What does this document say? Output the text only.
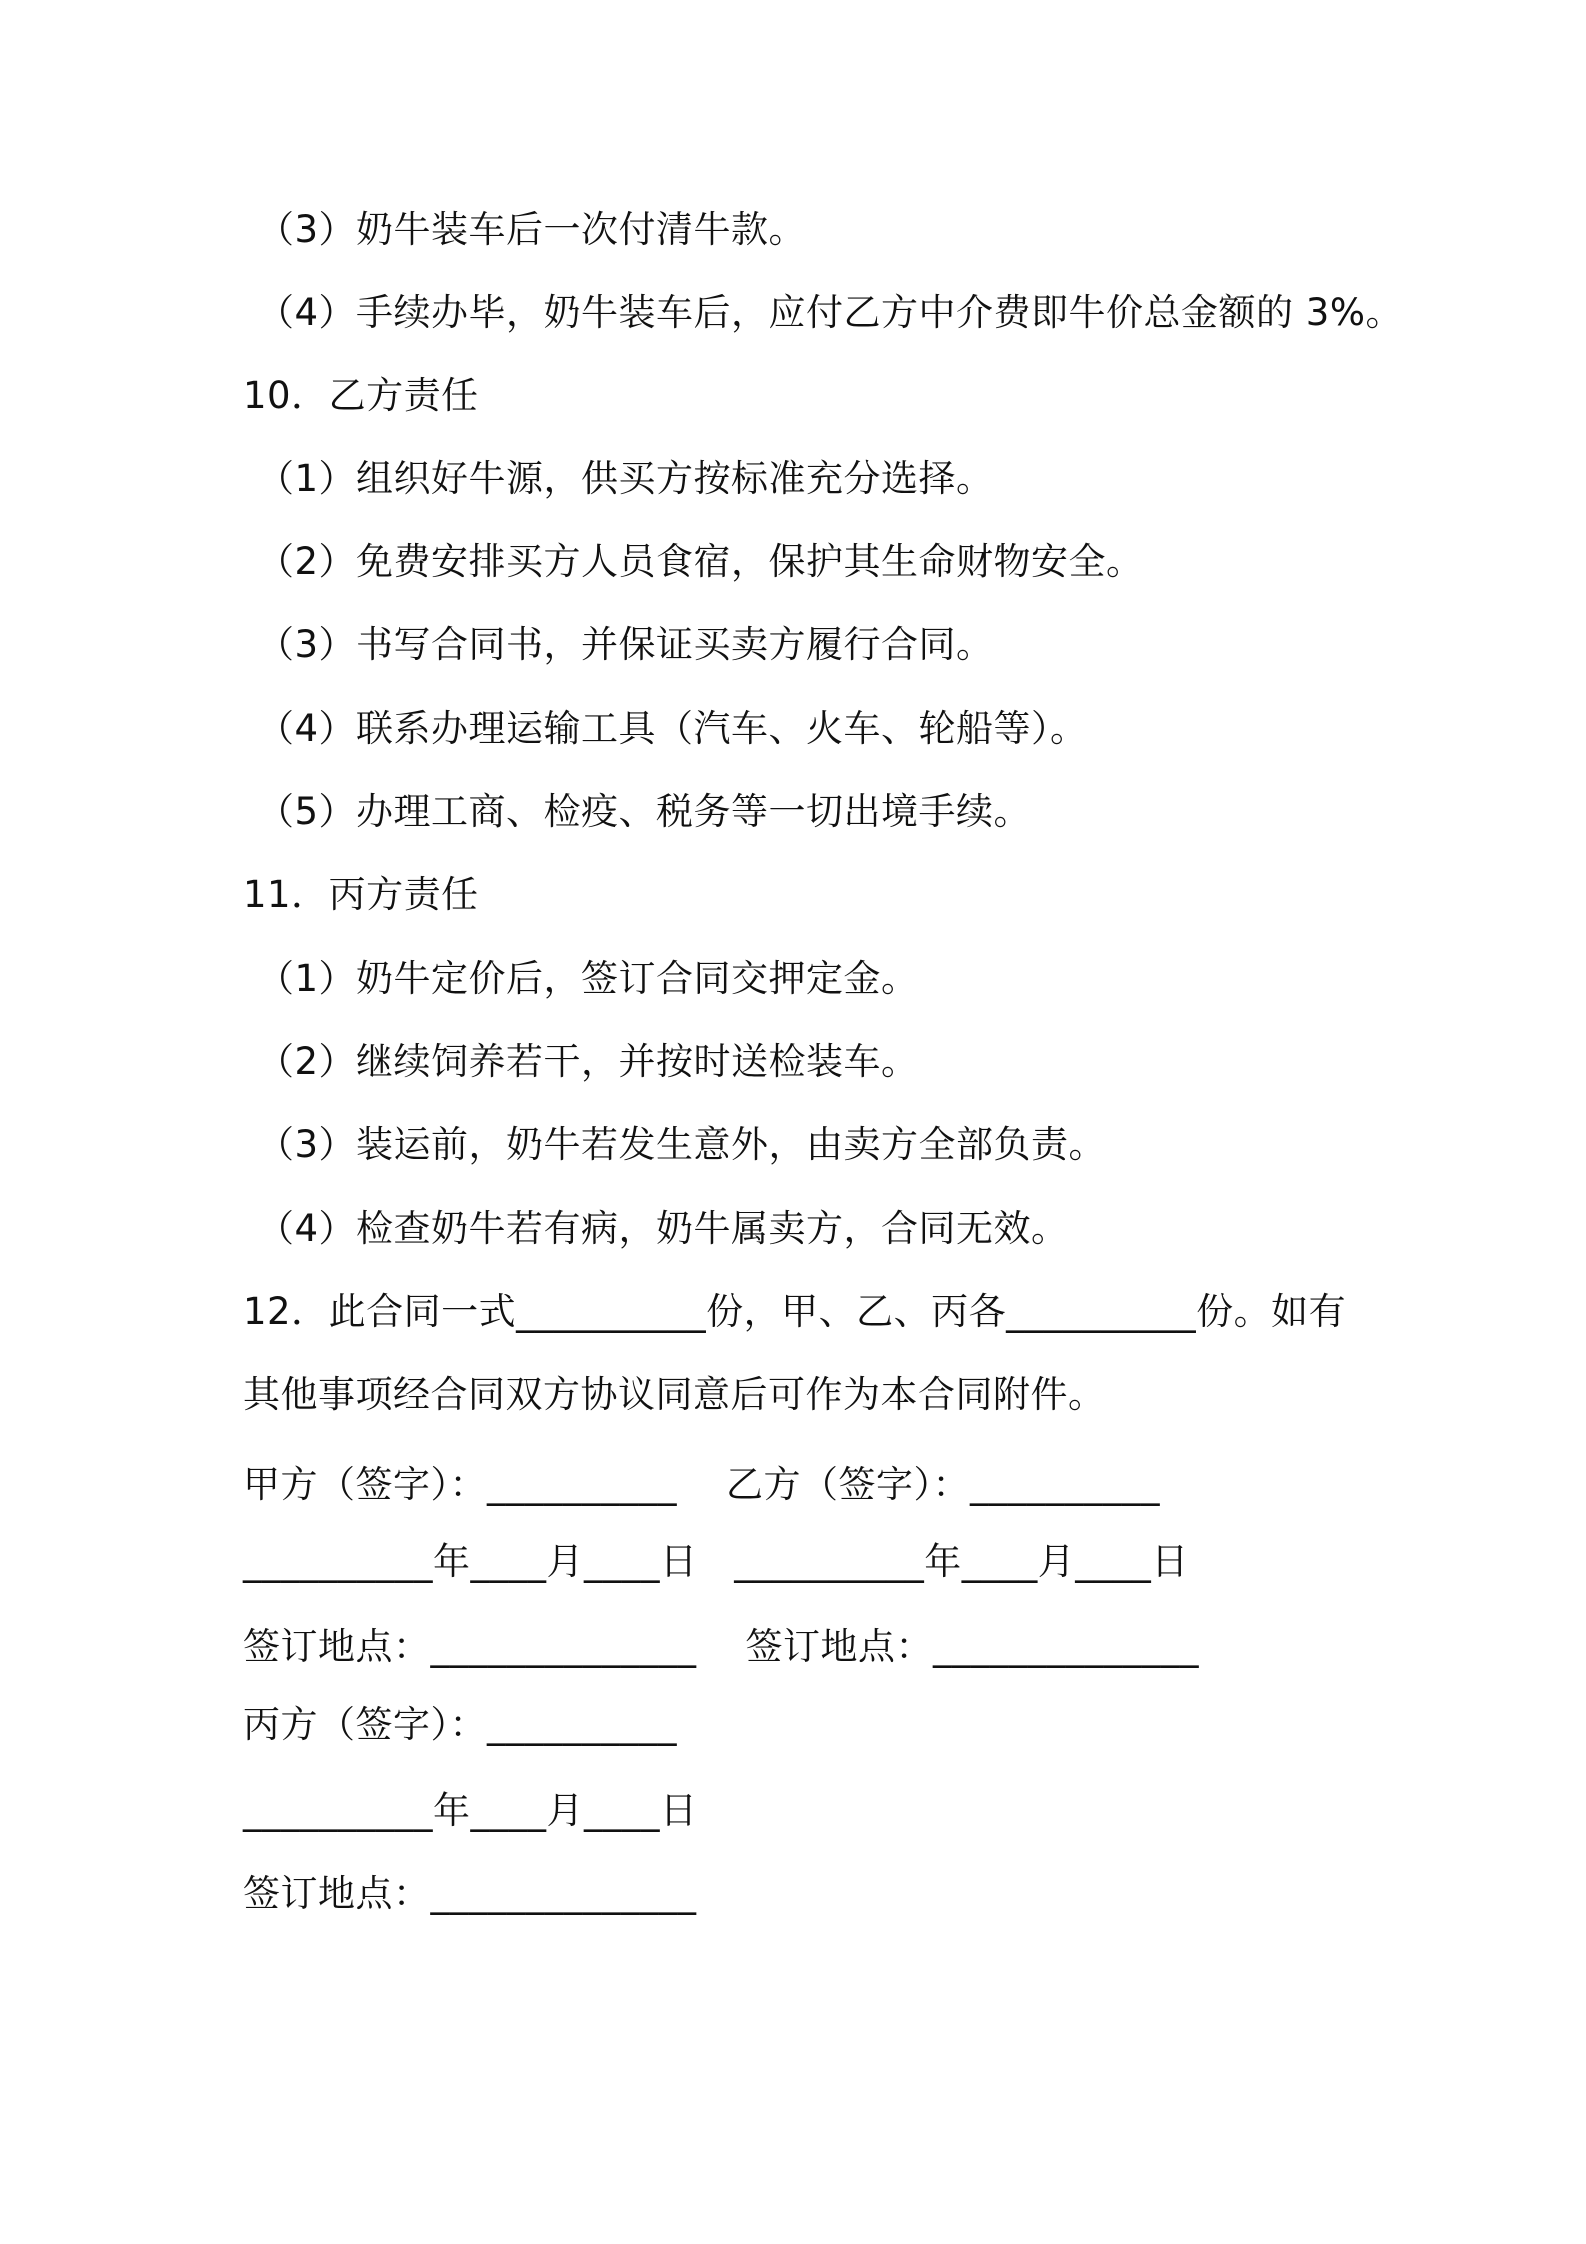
（3）奶牛装车后一次付清牛款。
（4）手续办毕，奶牛装车后，应付乙方中介费即牛价总金额的 3%。
10．乙方责任
（1）组织好牛源，供买方按标准充分选择。
（2）免费安排买方人员食宿，保护其生命财物安全。
（3）书写合同书，并保证买卖方履行合同。
（4）联系办理运输工具（汽车、火车、轮船等）。
（5）办理工商、检疫、税务等一切出境手续。
11．丙方责任
（1）奶牛定价后，签订合同交押定金。
（2）继续饲养若干，并按时送检装车。
（3）装运前，奶牛若发生意外，由卖方全部负责。
（4）检查奶牛若有病，奶牛属卖方，合同无效。
12．此合同一式__________份，甲、乙、丙各__________份。如有
其他事项经合同双方协议同意后可作为本合同附件。
甲方（签字）：__________    乙方（签字）：__________
__________年____月____日   __________年____月____日
签订地点：______________    签订地点：______________
丙方（签字）：__________
__________年____月____日
签订地点：______________
